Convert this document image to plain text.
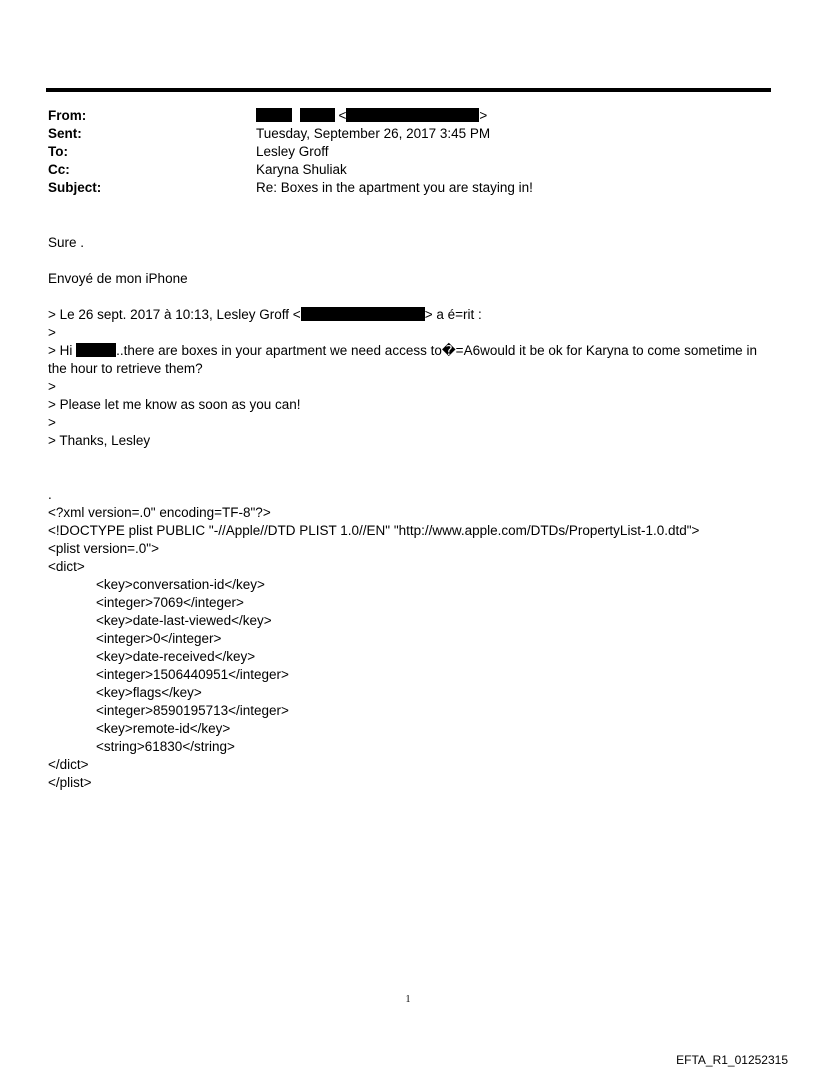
From:	<	>
Sent:	Tuesday, September 26, 2017 3:45 PM
To:	Lesley Groff
Cc:	Karyna Shuliak
Subject:	Re: Boxes in the apartment you are staying in!
Sure .
Envoyé de mon iPhone
> Le 26 sept. 2017 à 10:13, Lesley Groff <	> a é=rit :
>
> Hi	..there are boxes in your apartment we need access to�=A6would it be ok for Karyna to come sometime in the hour to retrieve them?
>
> Please let me know as soon as you can!
>
> Thanks, Lesley
.
<?xml version=.0" encoding=TF-8"?>
<!DOCTYPE plist PUBLIC "-//Apple//DTD PLIST 1.0//EN" "http://www.apple.com/DTDs/PropertyList-1.0.dtd">
<plist version=.0">
<dict>
<key>conversation-id</key>
<integer>7069</integer>
<key>date-last-viewed</key>
<integer>0</integer>
<key>date-received</key>
<integer>1506440951</integer>
<key>flags</key>
<integer>8590195713</integer>
<key>remote-id</key>
<string>61830</string>
</dict>
</plist>
1
EFTA_R1_01252315
